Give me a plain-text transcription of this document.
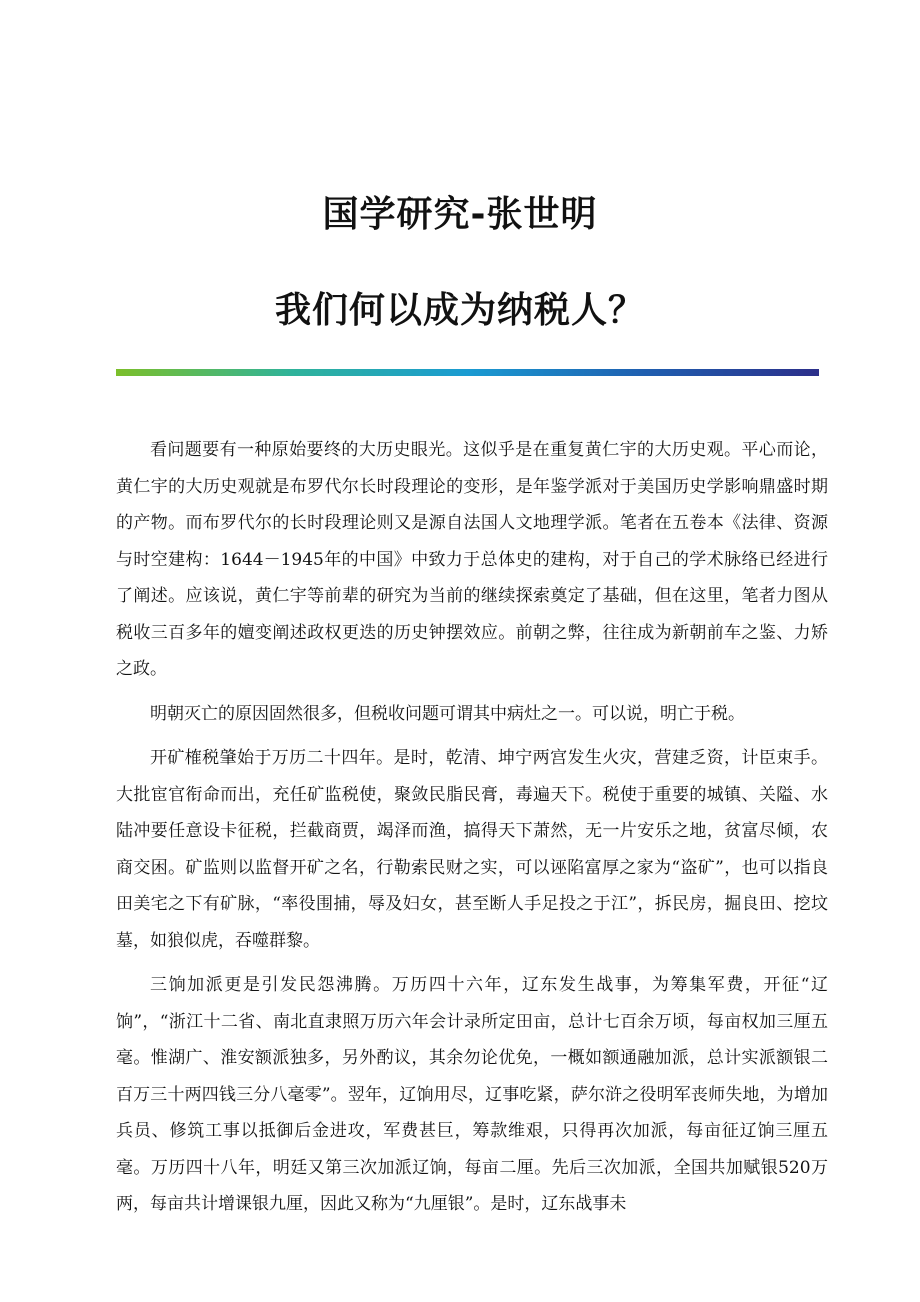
国学研究-张世明
我们何以成为纳税人？

看问题要有一种原始要终的大历史眼光。这似乎是在重复黄仁宇的大历史观。平心而论，黄仁宇的大历史观就是布罗代尔长时段理论的变形，是年鉴学派对于美国历史学影响鼎盛时期的产物。而布罗代尔的长时段理论则又是源自法国人文地理学派。笔者在五卷本《法律、资源与时空建构：1644－1945年的中国》中致力于总体史的建构，对于自己的学术脉络已经进行了阐述。应该说，黄仁宇等前辈的研究为当前的继续探索奠定了基础，但在这里，笔者力图从税收三百多年的嬗变阐述政权更迭的历史钟摆效应。前朝之弊，往往成为新朝前车之鉴、力矫之政。

明朝灭亡的原因固然很多，但税收问题可谓其中病灶之一。可以说，明亡于税。

开矿榷税肇始于万历二十四年。是时，乾清、坤宁两宫发生火灾，营建乏资，计臣束手。大批宦官衔命而出，充任矿监税使，聚敛民脂民膏，毒遍天下。税使于重要的城镇、关隘、水陆冲要任意设卡征税，拦截商贾，竭泽而渔，搞得天下萧然，无一片安乐之地，贫富尽倾，农商交困。矿监则以监督开矿之名，行勒索民财之实，可以诬陷富厚之家为“盗矿”，也可以指良田美宅之下有矿脉，“率役围捕，辱及妇女，甚至断人手足投之于江”，拆民房，掘良田、挖坟墓，如狼似虎，吞噬群黎。

三饷加派更是引发民怨沸腾。万历四十六年，辽东发生战事，为筹集军费，开征“辽饷”，“浙江十二省、南北直隶照万历六年会计录所定田亩，总计七百余万顷，每亩权加三厘五毫。惟湖广、淮安额派独多，另外酌议，其余勿论优免，一概如额通融加派，总计实派额银二百万三十两四钱三分八毫零”。翌年，辽饷用尽，辽事吃紧，萨尔浒之役明军丧师失地，为增加兵员、修筑工事以抵御后金进攻，军费甚巨，筹款维艰，只得再次加派，每亩征辽饷三厘五毫。万历四十八年，明廷又第三次加派辽饷，每亩二厘。先后三次加派，全国共加赋银520万两，每亩共计增课银九厘，因此又称为“九厘银”。是时，辽东战事未
